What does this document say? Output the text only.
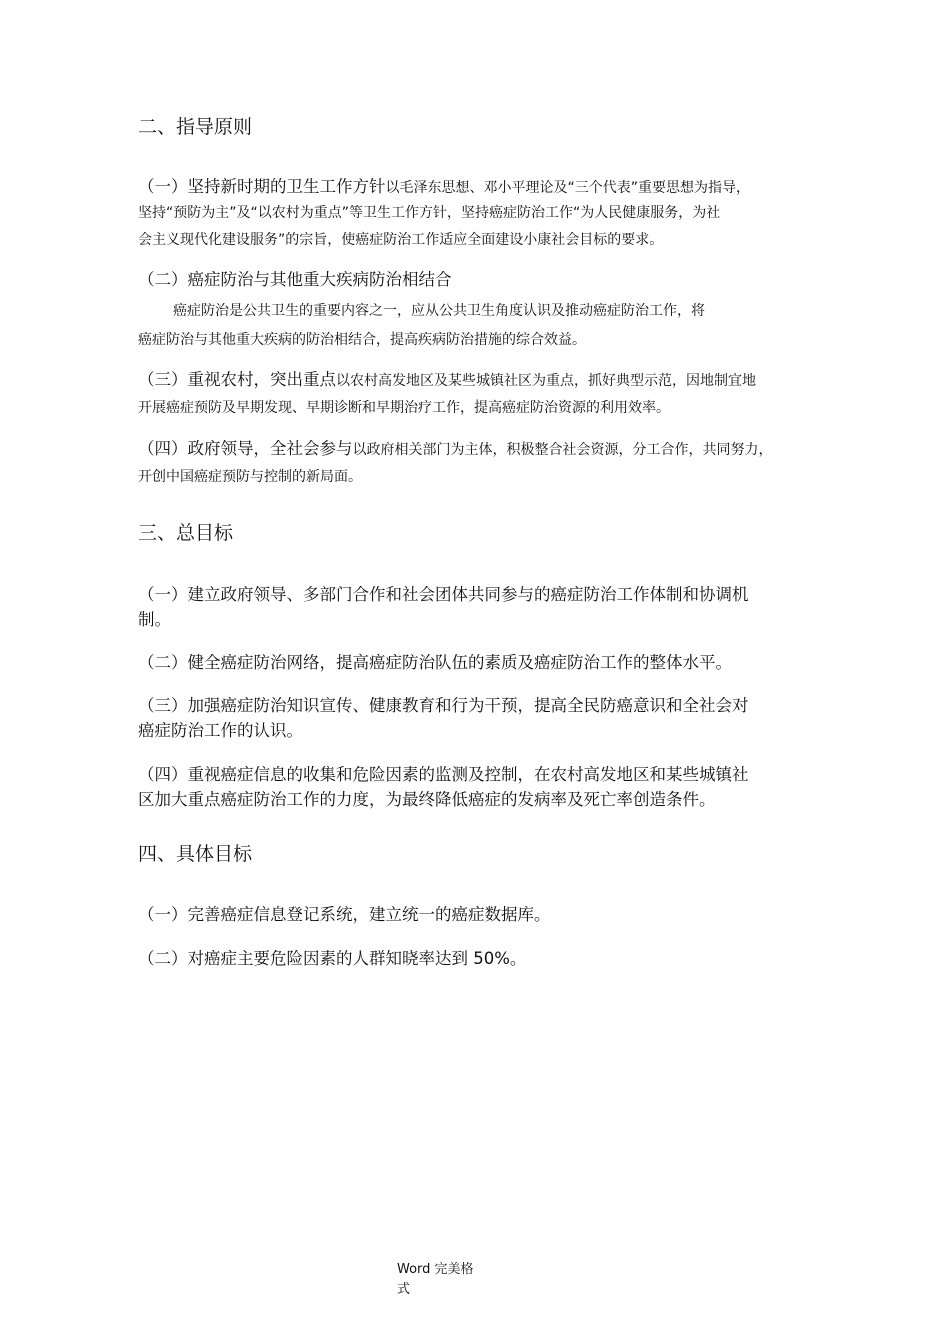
二、指导原则
（一）坚持新时期的卫生工作方针以毛泽东思想、邓小平理论及“三个代表”重要思想为指导，
坚持“预防为主”及“以农村为重点”等卫生工作方针，坚持癌症防治工作“为人民健康服务，为社
会主义现代化建设服务”的宗旨，使癌症防治工作适应全面建设小康社会目标的要求。
（二）癌症防治与其他重大疾病防治相结合
癌症防治是公共卫生的重要内容之一，应从公共卫生角度认识及推动癌症防治工作，将
癌症防治与其他重大疾病的防治相结合，提高疾病防治措施的综合效益。
（三）重视农村，突出重点以农村高发地区及某些城镇社区为重点，抓好典型示范，因地制宜地
开展癌症预防及早期发现、早期诊断和早期治疗工作，提高癌症防治资源的利用效率。
（四）政府领导，全社会参与以政府相关部门为主体，积极整合社会资源，分工合作，共同努力，
开创中国癌症预防与控制的新局面。
三、总目标
（一）建立政府领导、多部门合作和社会团体共同参与的癌症防治工作体制和协调机
制。
（二）健全癌症防治网络，提高癌症防治队伍的素质及癌症防治工作的整体水平。
（三）加强癌症防治知识宣传、健康教育和行为干预，提高全民防癌意识和全社会对
癌症防治工作的认识。
（四）重视癌症信息的收集和危险因素的监测及控制，在农村高发地区和某些城镇社
区加大重点癌症防治工作的力度，为最终降低癌症的发病率及死亡率创造条件。
四、具体目标
（一）完善癌症信息登记系统，建立统一的癌症数据库。
（二）对癌症主要危险因素的人群知晓率达到 50%。
Word 完美格
式
